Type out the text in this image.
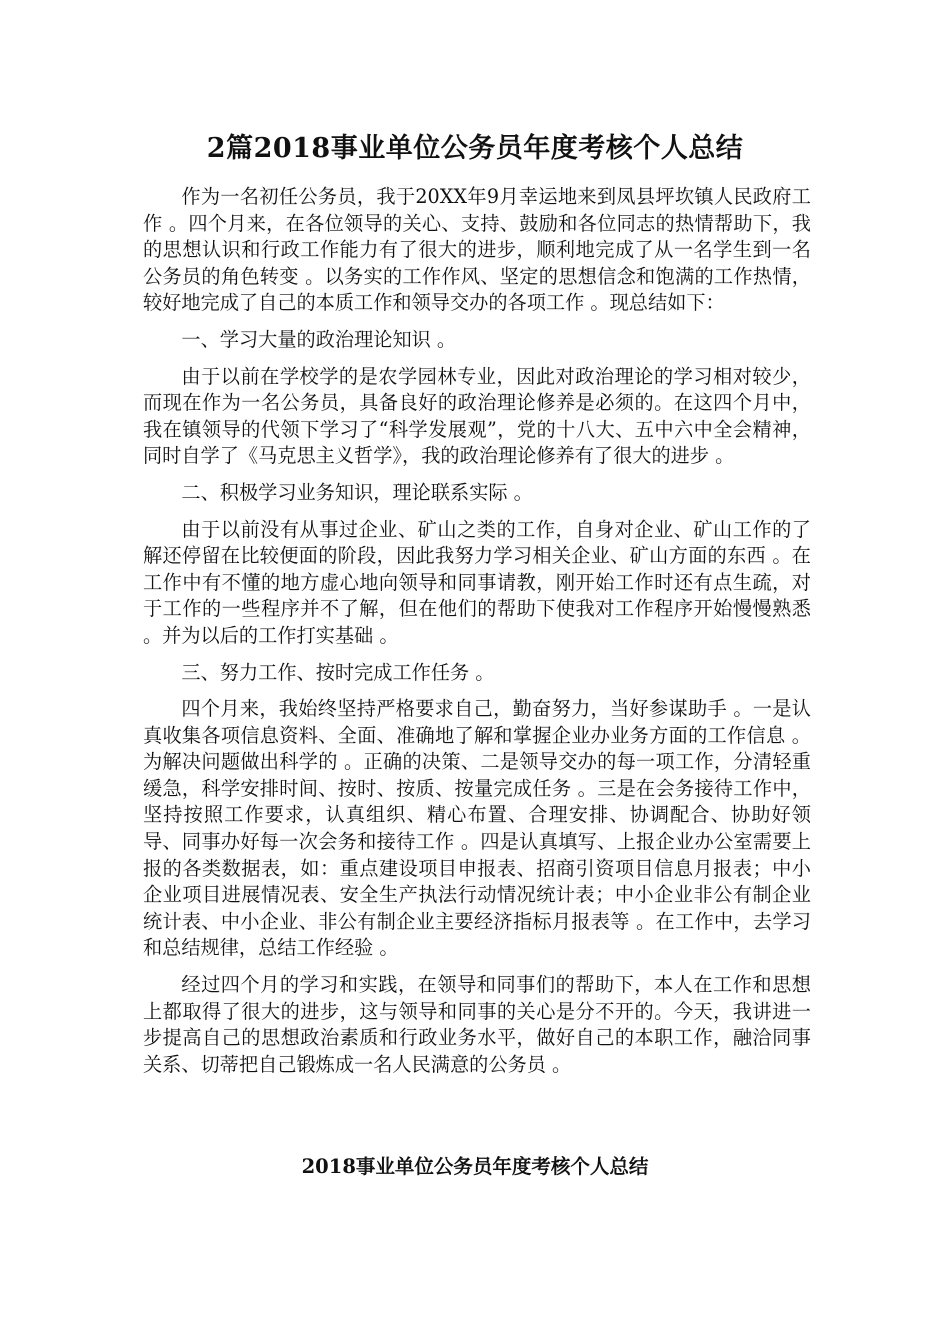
2篇2018事业单位公务员年度考核个人总结

作为一名初任公务员，我于20XX年9月幸运地来到凤县坪坎镇人民政府工作 。四个月来，在各位领导的关心、支持、鼓励和各位同志的热情帮助下，我的思想认识和行政工作能力有了很大的进步，顺利地完成了从一名学生到一名公务员的角色转变 。以务实的工作作风、坚定的思想信念和饱满的工作热情，较好地完成了自己的本质工作和领导交办的各项工作 。现总结如下：

一、学习大量的政治理论知识 。

由于以前在学校学的是农学园林专业，因此对政治理论的学习相对较少，而现在作为一名公务员，具备良好的政治理论修养是必须的。在这四个月中，我在镇领导的代领下学习了“科学发展观”，党的十八大、五中六中全会精神，同时自学了《马克思主义哲学》，我的政治理论修养有了很大的进步 。

二、积极学习业务知识，理论联系实际 。

由于以前没有从事过企业、矿山之类的工作，自身对企业、矿山工作的了解还停留在比较便面的阶段，因此我努力学习相关企业、矿山方面的东西 。在工作中有不懂的地方虚心地向领导和同事请教，刚开始工作时还有点生疏，对于工作的一些程序并不了解，但在他们的帮助下使我对工作程序开始慢慢熟悉 。并为以后的工作打实基础 。

三、努力工作、按时完成工作任务 。

四个月来，我始终坚持严格要求自己，勤奋努力，当好参谋助手 。一是认真收集各项信息资料、全面、准确地了解和掌握企业办业务方面的工作信息 。为解决问题做出科学的 。正确的决策、二是领导交办的每一项工作，分清轻重缓急，科学安排时间、按时、按质、按量完成任务 。三是在会务接待工作中，坚持按照工作要求，认真组织、精心布置、合理安排、协调配合、协助好领导、同事办好每一次会务和接待工作 。四是认真填写、上报企业办公室需要上报的各类数据表，如：重点建设项目申报表、招商引资项目信息月报表；中小企业项目进展情况表、安全生产执法行动情况统计表；中小企业非公有制企业统计表、中小企业、非公有制企业主要经济指标月报表等 。在工作中，去学习和总结规律，总结工作经验 。

经过四个月的学习和实践，在领导和同事们的帮助下，本人在工作和思想上都取得了很大的进步，这与领导和同事的关心是分不开的。今天，我讲进一步提高自己的思想政治素质和行政业务水平，做好自己的本职工作，融洽同事关系、切蒂把自己锻炼成一名人民满意的公务员 。

2018事业单位公务员年度考核个人总结
